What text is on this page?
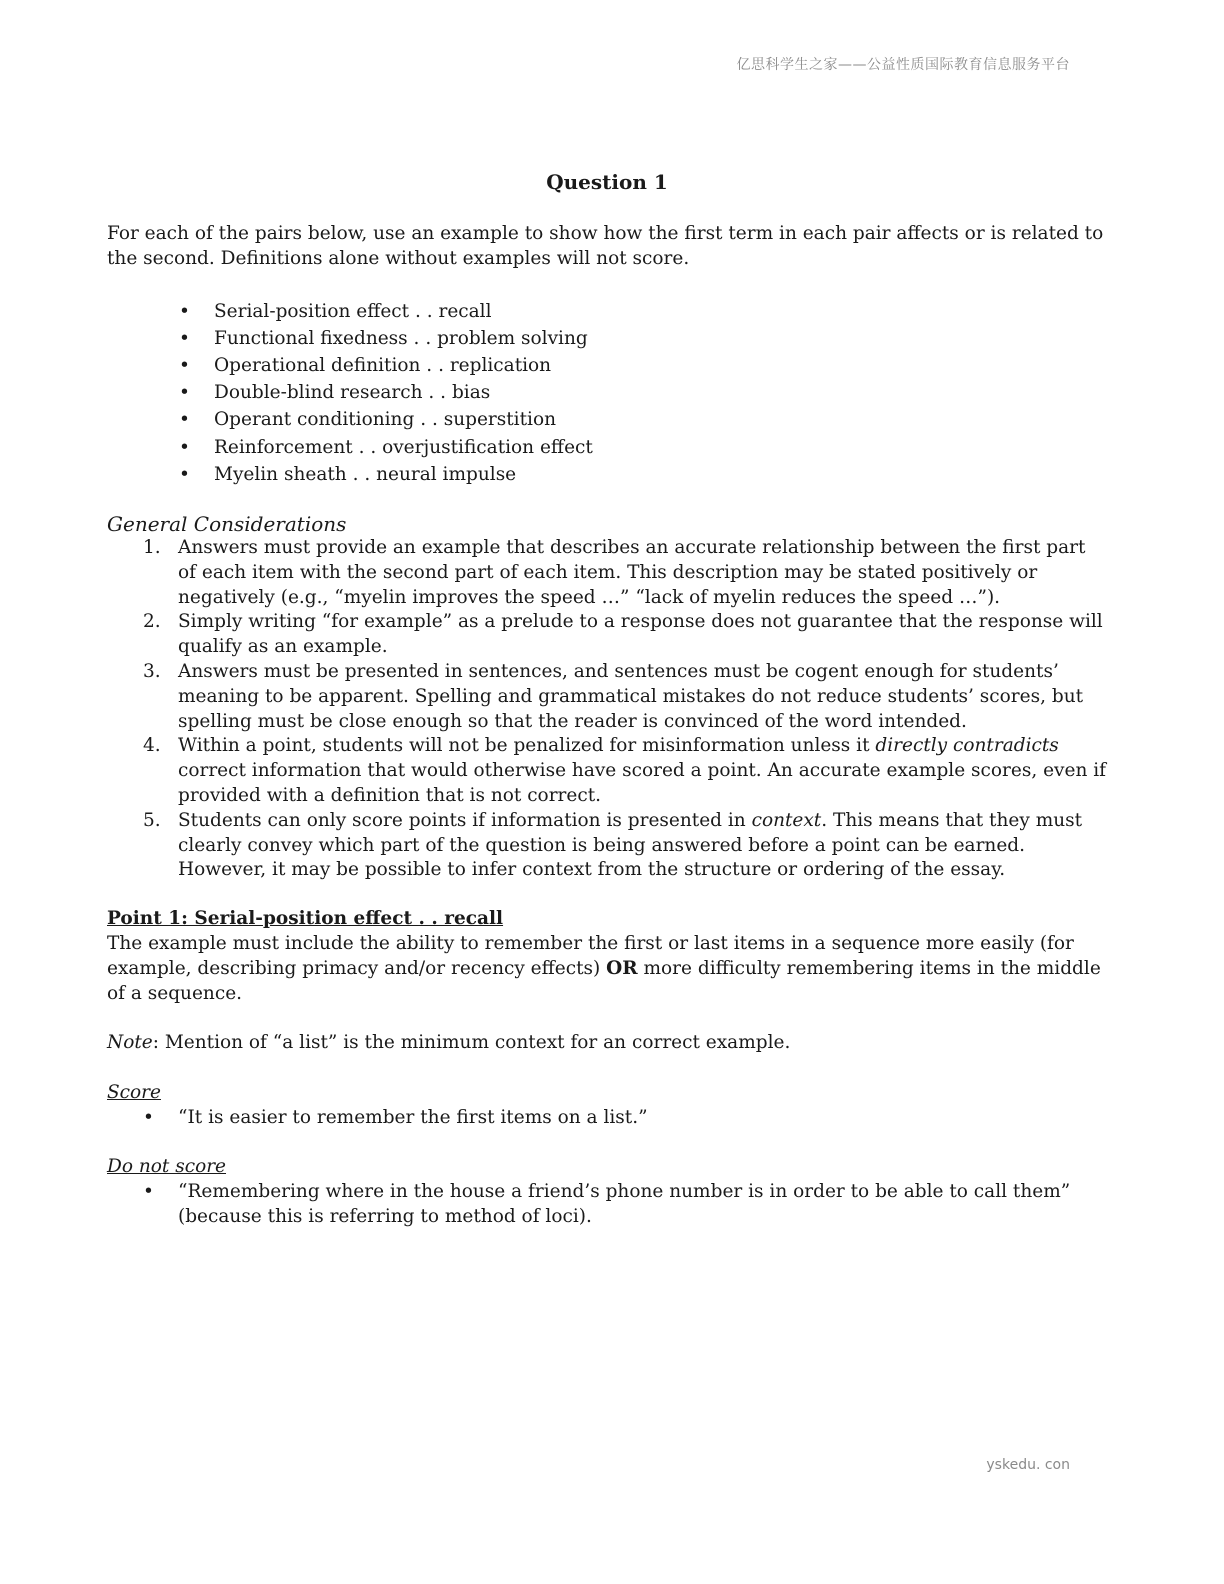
亿思科学生之家——公益性质国际教育信息服务平台
Question 1

For each of the pairs below, use an example to show how the first term in each pair affects or is related to the second. Definitions alone without examples will not score.

• Serial-position effect . . recall
• Functional fixedness . . problem solving
• Operational definition . . replication
• Double-blind research . . bias
• Operant conditioning . . superstition
• Reinforcement . . overjustification effect
• Myelin sheath . . neural impulse
General Considerations
1. Answers must provide an example that describes an accurate relationship between the first part of each item with the second part of each item. This description may be stated positively or negatively (e.g., “myelin improves the speed …” “lack of myelin reduces the speed …”).
2. Simply writing “for example” as a prelude to a response does not guarantee that the response will qualify as an example.
3. Answers must be presented in sentences, and sentences must be cogent enough for students’ meaning to be apparent. Spelling and grammatical mistakes do not reduce students’ scores, but spelling must be close enough so that the reader is convinced of the word intended.
4. Within a point, students will not be penalized for misinformation unless it directly contradicts correct information that would otherwise have scored a point. An accurate example scores, even if provided with a definition that is not correct.
5. Students can only score points if information is presented in context. This means that they must clearly convey which part of the question is being answered before a point can be earned. However, it may be possible to infer context from the structure or ordering of the essay.

Point 1: Serial-position effect . . recall

The example must include the ability to remember the first or last items in a sequence more easily (for example, describing primacy and/or recency effects) OR more difficulty remembering items in the middle of a sequence.

Note: Mention of “a list” is the minimum context for an correct example.

Score

• “It is easier to remember the first items on a list.”

Do not score

• “Remembering where in the house a friend’s phone number is in order to be able to call them” (because this is referring to method of loci).
yskedu. con
